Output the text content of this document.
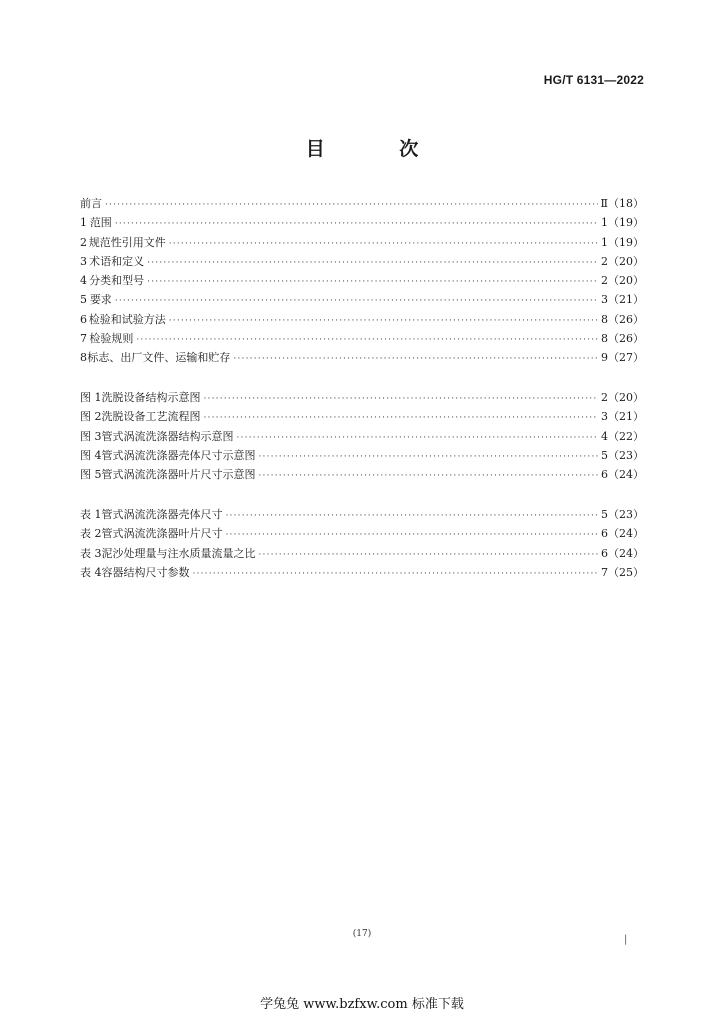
HG/T 6131—2022
目 次
前言 ·····	Ⅱ（18）
1 范围 ·····	1（19）
2 规范性引用文件 ·····	1（19）
3 术语和定义 ·····	2（20）
4 分类和型号 ·····	2（20）
5 要求 ·····	3（21）
6 检验和试验方法 ·····	8（26）
7 检验规则 ·····	8（26）
8 标志、出厂文件、运输和贮存 ·····	9（27）
图 1 洗脱设备结构示意图 ·····	2（20）
图 2 洗脱设备工艺流程图 ·····	3（21）
图 3 管式涡流洗涤器结构示意图 ·····	4（22）
图 4 管式涡流洗涤器壳体尺寸示意图 ·····	5（23）
图 5 管式涡流洗涤器叶片尺寸示意图 ·····	6（24）
表 1 管式涡流洗涤器壳体尺寸 ·····	5（23）
表 2 管式涡流洗涤器叶片尺寸 ·····	6（24）
表 3 泥沙处理量与注水质量流量之比 ·····	6（24）
表 4 容器结构尺寸参数 ·····	7（25）
(17)	|
学兔兔 www.bzfxw.com 标准下载
